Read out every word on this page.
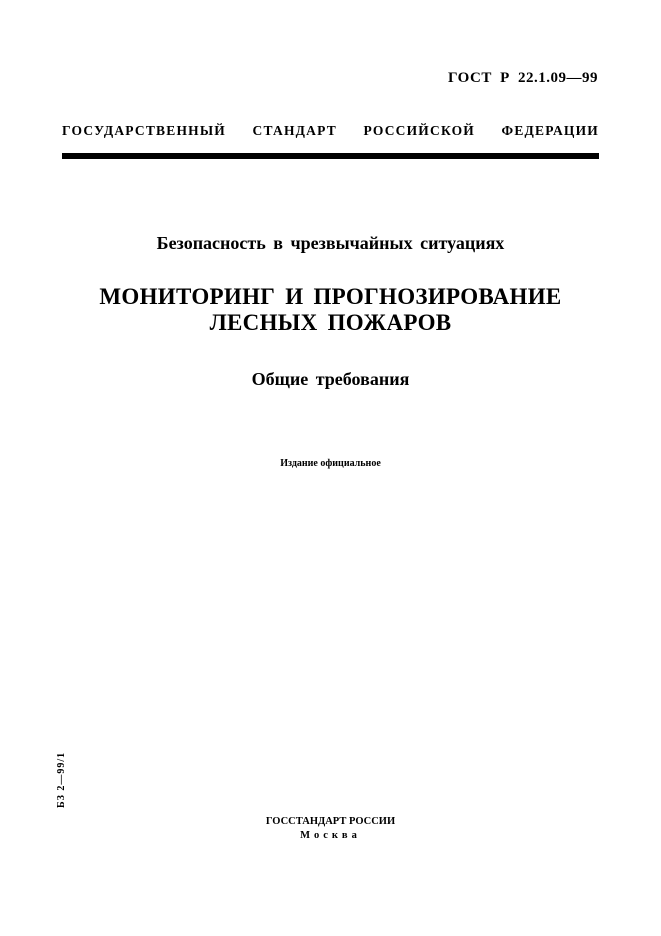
ГОСТ Р 22.1.09—99
ГОСУДАРСТВЕННЫЙ СТАНДАРТ РОССИЙСКОЙ ФЕДЕРАЦИИ
Безопасность в чрезвычайных ситуациях
МОНИТОРИНГ И ПРОГНОЗИРОВАНИЕ
ЛЕСНЫХ ПОЖАРОВ
Общие требования
Издание официальное
БЗ 2—99/1
ГОССТАНДАРТ РОССИИ
Москва
